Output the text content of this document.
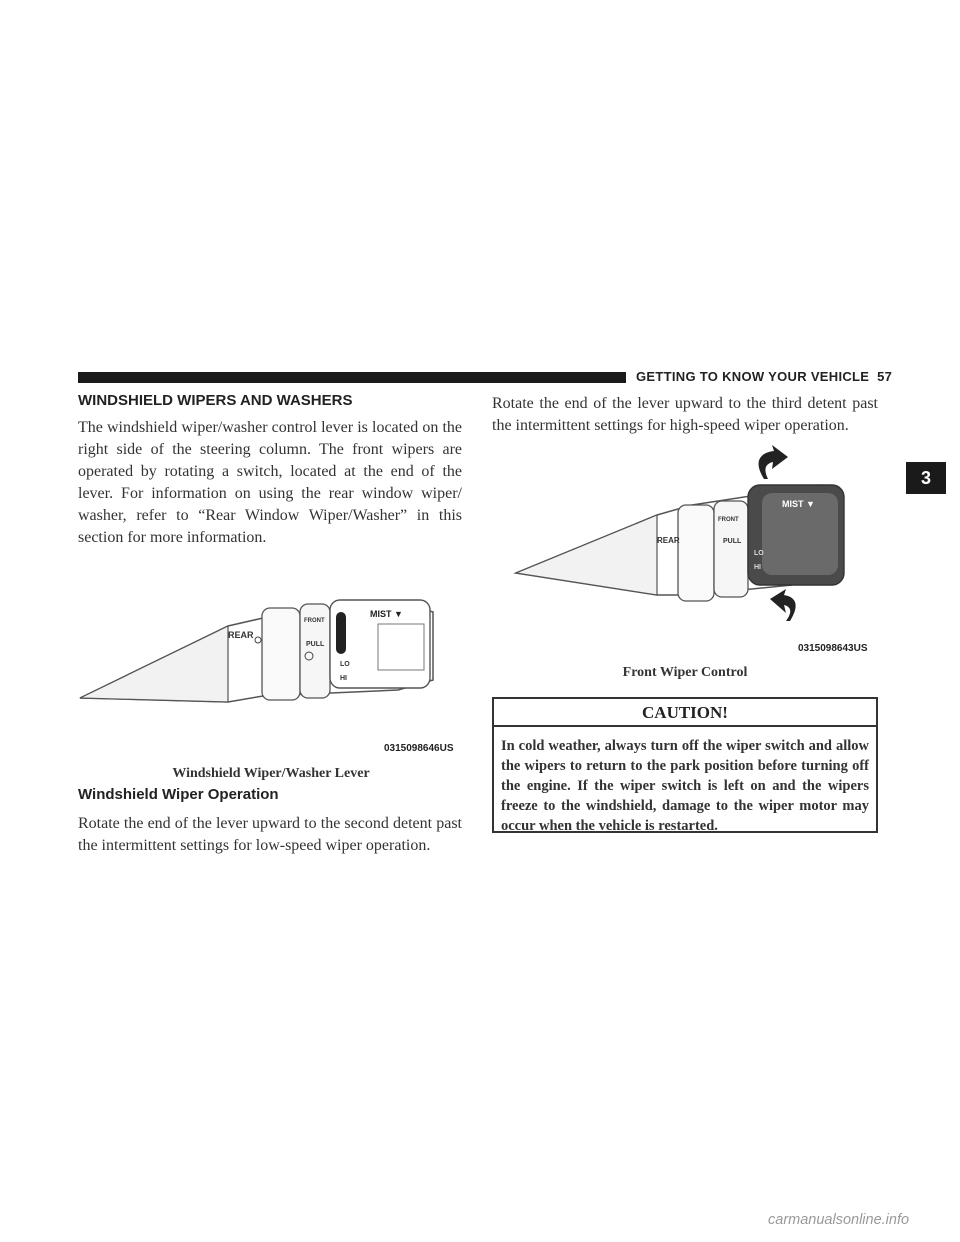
GETTING TO KNOW YOUR VEHICLE 57
3
WINDSHIELD WIPERS AND WASHERS

The windshield wiper/washer control lever is located on the right side of the steering column. The front wipers are operated by rotating a switch, located at the end of the lever. For information on using the rear window wiper/ washer, refer to “Rear Window Wiper/Washer” in this section for more information.

REAR
FRONT
PULL
MIST ▼
LO
HI
0315098646US
Windshield Wiper/Washer Lever
Windshield Wiper Operation

Rotate the end of the lever upward to the second detent past the intermittent settings for low-speed wiper operation.

Rotate the end of the lever upward to the third detent past the intermittent settings for high-speed wiper operation.

REAR
FRONT
PULL
MIST ▼
LO
HI
0315098643US
Front Wiper Control
CAUTION!
In cold weather, always turn off the wiper switch and allow the wipers to return to the park position before turning off the engine. If the wiper switch is left on and the wipers freeze to the windshield, damage to the wiper motor may occur when the vehicle is restarted.
carmanualsonline.info
